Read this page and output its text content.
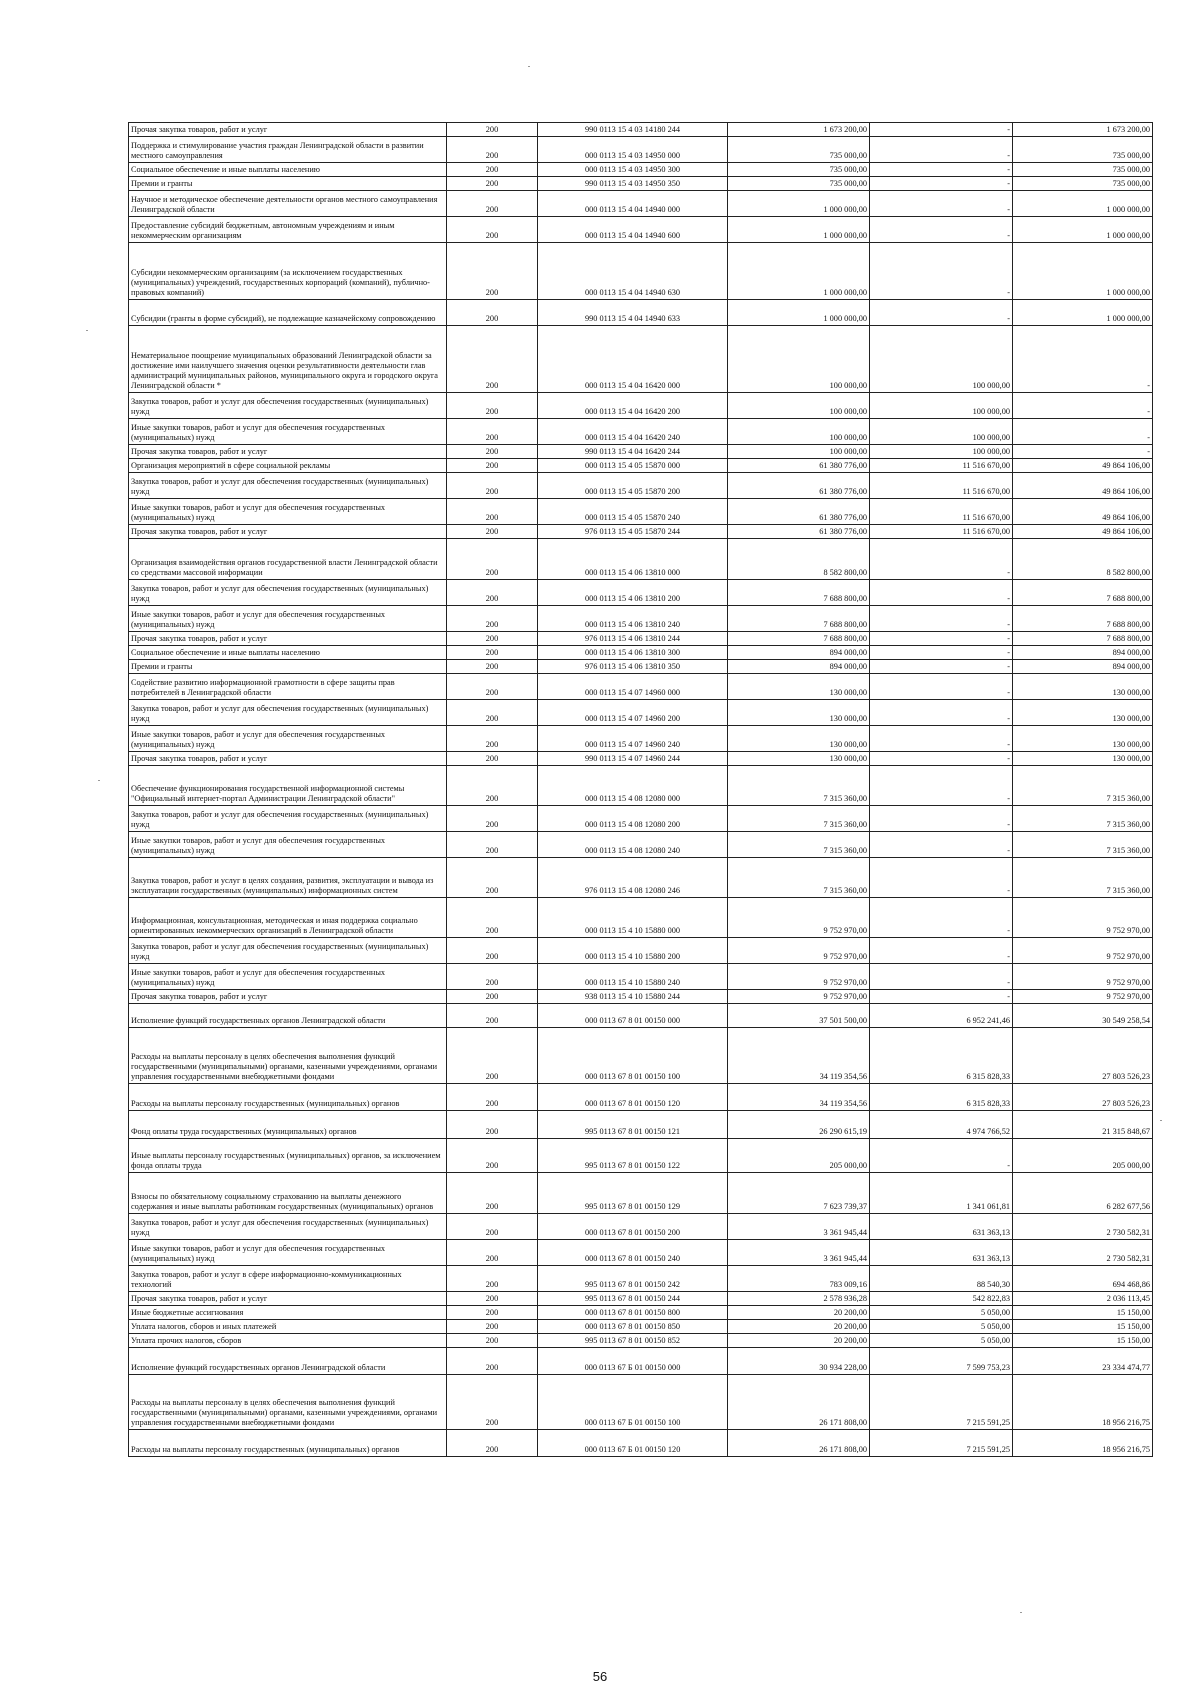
Прочая закупка товаров, работ и услуг	200	990 0113 15 4 03 14180 244	1 673 200,00	-	1 673 200,00
Поддержка и стимулирование участия граждан Ленинградской области в развитии местного самоуправления	200	000 0113 15 4 03 14950 000	735 000,00	-	735 000,00
Социальное обеспечение и иные выплаты населению	200	000 0113 15 4 03 14950 300	735 000,00	-	735 000,00
Премии и гранты	200	990 0113 15 4 03 14950 350	735 000,00	-	735 000,00
Научное и методическое обеспечение деятельности органов местного самоуправления Ленинградской области	200	000 0113 15 4 04 14940 000	1 000 000,00	-	1 000 000,00
Предоставление субсидий бюджетным, автономным учреждениям и иным некоммерческим организациям	200	000 0113 15 4 04 14940 600	1 000 000,00	-	1 000 000,00
Субсидии некоммерческим организациям (за исключением государственных (муниципальных) учреждений, государственных корпораций (компаний), публично-правовых компаний)	200	000 0113 15 4 04 14940 630	1 000 000,00	-	1 000 000,00
Субсидии (гранты в форме субсидий), не подлежащие казначейскому сопровождению	200	990 0113 15 4 04 14940 633	1 000 000,00	-	1 000 000,00
Нематериальное поощрение муниципальных образований Ленинградской области за достижение ими наилучшего значения оценки результативности деятельности глав администраций муниципальных районов, муниципального округа и городского округа Ленинградской области *	200	000 0113 15 4 04 16420 000	100 000,00	100 000,00	-
Закупка товаров, работ и услуг для обеспечения государственных (муниципальных) нужд	200	000 0113 15 4 04 16420 200	100 000,00	100 000,00	-
Иные закупки товаров, работ и услуг для обеспечения государственных (муниципальных) нужд	200	000 0113 15 4 04 16420 240	100 000,00	100 000,00	-
Прочая закупка товаров, работ и услуг	200	990 0113 15 4 04 16420 244	100 000,00	100 000,00	-
Организация мероприятий в сфере социальной рекламы	200	000 0113 15 4 05 15870 000	61 380 776,00	11 516 670,00	49 864 106,00
Закупка товаров, работ и услуг для обеспечения государственных (муниципальных) нужд	200	000 0113 15 4 05 15870 200	61 380 776,00	11 516 670,00	49 864 106,00
Иные закупки товаров, работ и услуг для обеспечения государственных (муниципальных) нужд	200	000 0113 15 4 05 15870 240	61 380 776,00	11 516 670,00	49 864 106,00
Прочая закупка товаров, работ и услуг	200	976 0113 15 4 05 15870 244	61 380 776,00	11 516 670,00	49 864 106,00
Организация взаимодействия органов государственной власти Ленинградской области со средствами массовой информации	200	000 0113 15 4 06 13810 000	8 582 800,00	-	8 582 800,00
Закупка товаров, работ и услуг для обеспечения государственных (муниципальных) нужд	200	000 0113 15 4 06 13810 200	7 688 800,00	-	7 688 800,00
Иные закупки товаров, работ и услуг для обеспечения государственных (муниципальных) нужд	200	000 0113 15 4 06 13810 240	7 688 800,00	-	7 688 800,00
Прочая закупка товаров, работ и услуг	200	976 0113 15 4 06 13810 244	7 688 800,00	-	7 688 800,00
Социальное обеспечение и иные выплаты населению	200	000 0113 15 4 06 13810 300	894 000,00	-	894 000,00
Премии и гранты	200	976 0113 15 4 06 13810 350	894 000,00	-	894 000,00
Содействие развитию информационной грамотности в сфере защиты прав потребителей в Ленинградской области	200	000 0113 15 4 07 14960 000	130 000,00	-	130 000,00
Закупка товаров, работ и услуг для обеспечения государственных (муниципальных) нужд	200	000 0113 15 4 07 14960 200	130 000,00	-	130 000,00
Иные закупки товаров, работ и услуг для обеспечения государственных (муниципальных) нужд	200	000 0113 15 4 07 14960 240	130 000,00	-	130 000,00
Прочая закупка товаров, работ и услуг	200	990 0113 15 4 07 14960 244	130 000,00	-	130 000,00
Обеспечение функционирования государственной информационной системы "Официальный интернет-портал Администрации Ленинградской области"	200	000 0113 15 4 08 12080 000	7 315 360,00	-	7 315 360,00
Закупка товаров, работ и услуг для обеспечения государственных (муниципальных) нужд	200	000 0113 15 4 08 12080 200	7 315 360,00	-	7 315 360,00
Иные закупки товаров, работ и услуг для обеспечения государственных (муниципальных) нужд	200	000 0113 15 4 08 12080 240	7 315 360,00	-	7 315 360,00
Закупка товаров, работ и услуг в целях создания, развития, эксплуатации и вывода из эксплуатации государственных (муниципальных) информационных систем	200	976 0113 15 4 08 12080 246	7 315 360,00	-	7 315 360,00
Информационная, консультационная, методическая и иная поддержка социально ориентированных некоммерческих организаций в Ленинградской области	200	000 0113 15 4 10 15880 000	9 752 970,00	-	9 752 970,00
Закупка товаров, работ и услуг для обеспечения государственных (муниципальных) нужд	200	000 0113 15 4 10 15880 200	9 752 970,00	-	9 752 970,00
Иные закупки товаров, работ и услуг для обеспечения государственных (муниципальных) нужд	200	000 0113 15 4 10 15880 240	9 752 970,00	-	9 752 970,00
Прочая закупка товаров, работ и услуг	200	938 0113 15 4 10 15880 244	9 752 970,00	-	9 752 970,00
Исполнение функций государственных органов Ленинградской области	200	000 0113 67 8 01 00150 000	37 501 500,00	6 952 241,46	30 549 258,54
Расходы на выплаты персоналу в целях обеспечения выполнения функций государственными (муниципальными) органами, казенными учреждениями, органами управления государственными внебюджетными фондами	200	000 0113 67 8 01 00150 100	34 119 354,56	6 315 828,33	27 803 526,23
Расходы на выплаты персоналу государственных (муниципальных) органов	200	000 0113 67 8 01 00150 120	34 119 354,56	6 315 828,33	27 803 526,23
Фонд оплаты труда государственных (муниципальных) органов	200	995 0113 67 8 01 00150 121	26 290 615,19	4 974 766,52	21 315 848,67
Иные выплаты персоналу государственных (муниципальных) органов, за исключением фонда оплаты труда	200	995 0113 67 8 01 00150 122	205 000,00	-	205 000,00
Взносы по обязательному социальному страхованию на выплаты денежного содержания и иные выплаты работникам государственных (муниципальных) органов	200	995 0113 67 8 01 00150 129	7 623 739,37	1 341 061,81	6 282 677,56
Закупка товаров, работ и услуг для обеспечения государственных (муниципальных) нужд	200	000 0113 67 8 01 00150 200	3 361 945,44	631 363,13	2 730 582,31
Иные закупки товаров, работ и услуг для обеспечения государственных (муниципальных) нужд	200	000 0113 67 8 01 00150 240	3 361 945,44	631 363,13	2 730 582,31
Закупка товаров, работ и услуг в сфере информационно-коммуникационных технологий	200	995 0113 67 8 01 00150 242	783 009,16	88 540,30	694 468,86
Прочая закупка товаров, работ и услуг	200	995 0113 67 8 01 00150 244	2 578 936,28	542 822,83	2 036 113,45
Иные бюджетные ассигнования	200	000 0113 67 8 01 00150 800	20 200,00	5 050,00	15 150,00
Уплата налогов, сборов и иных платежей	200	000 0113 67 8 01 00150 850	20 200,00	5 050,00	15 150,00
Уплата прочих налогов, сборов	200	995 0113 67 8 01 00150 852	20 200,00	5 050,00	15 150,00
Исполнение функций государственных органов Ленинградской области	200	000 0113 67 Б 01 00150 000	30 934 228,00	7 599 753,23	23 334 474,77
Расходы на выплаты персоналу в целях обеспечения выполнения функций государственными (муниципальными) органами, казенными учреждениями, органами управления государственными внебюджетными фондами	200	000 0113 67 Б 01 00150 100	26 171 808,00	7 215 591,25	18 956 216,75
Расходы на выплаты персоналу государственных (муниципальных) органов	200	000 0113 67 Б 01 00150 120	26 171 808,00	7 215 591,25	18 956 216,75
56
